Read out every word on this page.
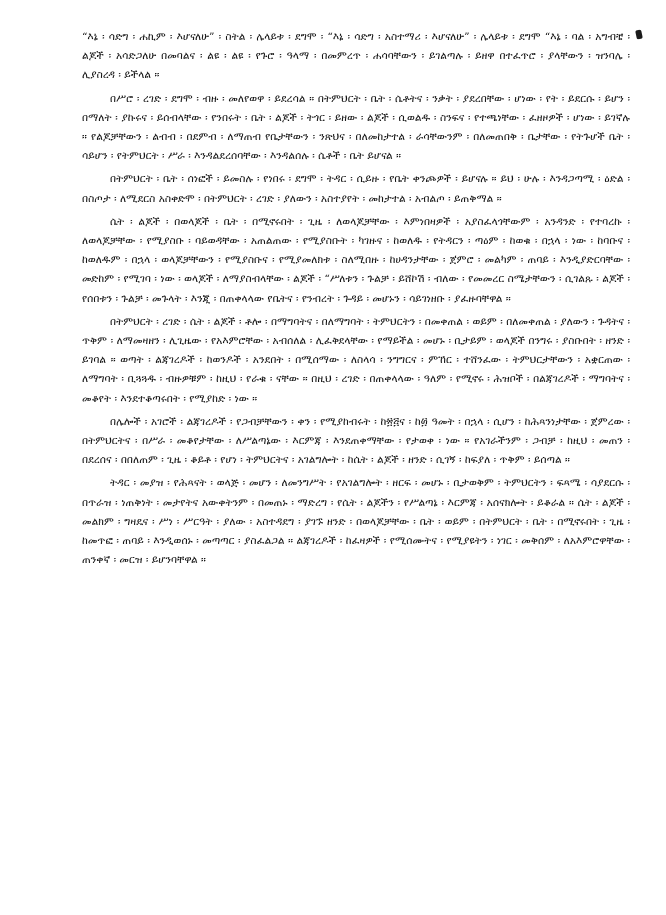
“እኔ ፡ ሳድግ ፡ ሐኪም ፡ እሆናለሁ” ፡ ስትል ፡ ሌላይቱ ፡ ደግሞ ፡ “እኔ ፡ ሳድግ ፡ አስተማሪ ፡ እሆናለሁ” ፡ ሌላይቱ ፡ ደግሞ “እኔ ፡ ባል ፡ አግብቼ ፡ ልጆች ፡ አሳድጋለሁ በመባልና ፡ ልዩ ፡ ልዩ ፡ የጉሮ ፡ ዓላማ ፡ በመምረጥ ፡ ሐሳባቸውን ፡ ይገልጣሉ ፡ ይዘዋ በተፈጥሮ ፡ ያላቸውን ፡ ዝንባሌ ፡ ሊያስረዳ ፡ ይችላል ።

በሥሮ ፡ ረገድ ፡ ደግሞ ፡ ብዙ ፡ መለየወዋ ፡ ይደረሳል ። በትምህርት ፡ ቤት ፡ ሴቶትና ፡ ንቃት ፡ ያደረበቸው ፡ ሆነው ፡ የት ፡ ይደርሱ ፡ ይሆን ፡ በማለት ፡ ያኩሩና ፡ ይሰብላቸው ፡ የንበሩት ፡ ቤት ፡ ልጆች ፡ ትጎር ፡ ይዘው ፡ ልጆች ፡ ሲወልዱ ፡ ስንፍና ፡ የተጫነቸው ፡ ፈዘዞዎች ፡ ሆነው ፡ ይገኛሉ ። የልጆቻቸውን ፡ ልብብ ፡ በደምብ ፡ ለማጠብ የቤታቸውን ፡ ንጽህና ፡ በለመከታተል ፡ ራሳቸውንም ፡ በለመጠበቅ ፡ ቤታቸው ፡ የትጉሆች ቤት ፡ ሳይሆን ፡ የትምህርት ፡ ሥራ ፡ እንዳልደረሰባቸው ፡ እንዳልሰሉ ፡ ሴቶች ፡ ቤት ይሆናል ።

በትምህርት ፡ ቤት ፡ ሰነፎች ፡ ይመስሉ ፡ የነበሩ ፡ ደግሞ ፡ ትዳር ፡ ሲይዙ ፡ የቤት ቀንጮዎች ፡ ይሆናሉ ። ይህ ፡ ሁሉ ፡ እንዳጋጣሚ ፡ ዕድል ፡ በስጦታ ፡ ለሚደርስ አስቀድሞ ፡ በትምህርት ፡ ረገድ ፡ ያለውን ፡ አስተያየት ፡ መከታተል ፡ አብልጦ ፡ ይጠቅማል ።

ሴት ፡ ልጆች ፡ በወላጆች ፡ ቤት ፡ በሚኖሩበት ፡ ጊዜ ፡ ለወላጆቻቸው ፡ እምነበዛዎች ፡ አያስፈላጎቸውም ፡ አንዳንድ ፡ የተባረኩ ፡ ለወላጆቻቸው ፡ የሚያስቡ ፡ ባይወዳቸው ፡ አጠልጠው ፡ የሚያስቡት ፡ ካገዙና ፡ ከወለዱ ፡ የትዳርን ፡ ጣዕም ፡ ከወቁ ፡ በኋላ ፡ ነው ፡ ከባቡና ፡ ከወለዱም ፡ በኋላ ፡ ወላጆቻቸውን ፡ የሚያስቡና ፡ የሚያመለክቱ ፡ ስለሚበዙ ፡ ከሀዳንታቸው ፡ ጀምሮ ፡ መልካም ፡ ጠባይ ፡ እንዲያድርባቸው ፡ መድከም ፡ የሚገባ ፡ ነው ፡ ወላጆች ፡ ለማያስብላቸው ፡ ልጆች ፡ “ሥለቱን ፡ ጉልቻ ፡ ይሸኮሽ ፡ ብለው ፡ የመመረር ስሜታቸውን ፡ ሲገልጹ ፡ ልጆች ፡ የሰበቱን ፡ ጉልቻ ፡ መጉላት ፡ እንጂ ፡ በጠቀላላው የቤትና ፡ የንብረት ፡ ጉዳይ ፡ መሆኑን ፡ ሳይገነዘቡ ፡ ያፈዙባቸዋል ።

በትምህርት ፡ ረገድ ፡ ሴት ፡ ልጆች ፡ ቶሎ ፡ በማግባትና ፡ በለማግባት ፡ ትምህርትን ፡ በመቀጠል ፡ ወይም ፡ በለመቀጠል ፡ ያለውን ፡ ጉዳትና ፡ ጥቅም ፡ ለማመዛዘን ፡ ሊጊዜው ፡ የአእምሮቸው ፡ አብሰለል ፡ ሊፈቅደላቸው ፡ የማይችል ፡ መሆኑ ፡ ቢታይም ፡ ወላጆች በንግሩ ፡ ያስቡበት ፡ ዘንድ ፡ ይገባል ። ወጣት ፡ ልጃገረዶች ፡ ከወንዶች ፡ አንደበት ፡ በሚሰማው ፡ ለስላሳ ፡ ንግግርና ፡ ምኸር ፡ ተሸንፈው ፡ ትምህርታቸውን ፡ አቋርጠው ፡ ለማግባት ፡ ቢጓጓዱ ፡ ብዙዎቹም ፡ ከዚህ ፡ የራቁ ፡ ናቸው ። በዚህ ፡ ረገድ ፡ በጠቀላላው ፡ ዓለም ፡ የሚኖሩ ፡ ሕዝቦች ፡ በልጃገረዶች ፡ ማግባትና ፡ መቆየት ፡ እንደተቆጣሩበት ፡ የሚያከድ ፡ ነው ።

በሌሎች ፡ አገሮች ፡ ልጃገረዶች ፡ የጋብቻቸውን ፡ ቀን ፡ የሚያከብሩት ፡ ከ፳፭ና ፡ ከ፴ ዓመት ፡ በኋላ ፡ ሲሆን ፡ ከሕጻንነታቸው ፡ ጀምረው ፡ በትምህርትና ፡ በሥራ ፡ መቆየታቸው ፡ ለሥልጣኔው ፡ እርምጃ ፡ እንደጠቀማቸው ፡ የታወቀ ፡ ነው ። የአገራችንም ፡ ጋብቻ ፡ ከዚህ ፡ መጠን ፡ በደረሰና ፡ በበለጠም ፡ ጊዜ ፡ ቆይቶ ፡ የሆነ ፡ ትምህርትና ፡ አገልግሎት ፡ ከሴት ፡ ልጆች ፡ ዘንድ ፡ ሲገኝ ፡ ከፍያለ ፡ ጥቅም ፡ ይሰጣል ።

ትዳር ፡ መያዝ ፡ የሕጻናት ፡ ወላጅ ፡ መሆን ፡ ለመንግሥት ፡ የአገልግሎት ፡ ዘርፍ ፡ መሆኑ ፡ ቢታወቅም ፡ ትምህርትን ፡ ፍጻሜ ፡ ሳያደርሱ ፡ በጥራዝ ፡ ነጠቅነት ፡ መታየትና አውቀትንም ፡ በመጠኑ ፡ ማድረግ ፡ የሴት ፡ ልጆችን ፡ የሥልጣኔ ፡ እርምጃ ፡ አሰናክሎት ፡ ይቆራል ። ሴት ፡ ልጆች ፡ መልክም ፡ ግዛዴና ፡ ሥነ ፡ ሥርዓት ፡ ያለው ፡ አስተዳደግ ፡ ያገኙ ዘንድ ፡ በወላጆቻቸው ፡ ቤት ፡ ወይም ፡ በትምህርት ፡ ቤት ፡ በሚኖሩበት ፡ ጊዜ ፡ ከመጥፎ ፡ ጠባይ ፡ እንዲወሰኑ ፡ መጣጣር ፡ ያስፈልጋል ። ልጃገረዶች ፡ ከፈዛዎች ፡ የሚሰሙትና ፡ የሚያዩትን ፡ ነገር ፡ መቅሰም ፡ ለአእምሮዋቸው ፡ ጠንቀኛ ፡ መርዝ ፡ ይሆንባቸዋል ።
